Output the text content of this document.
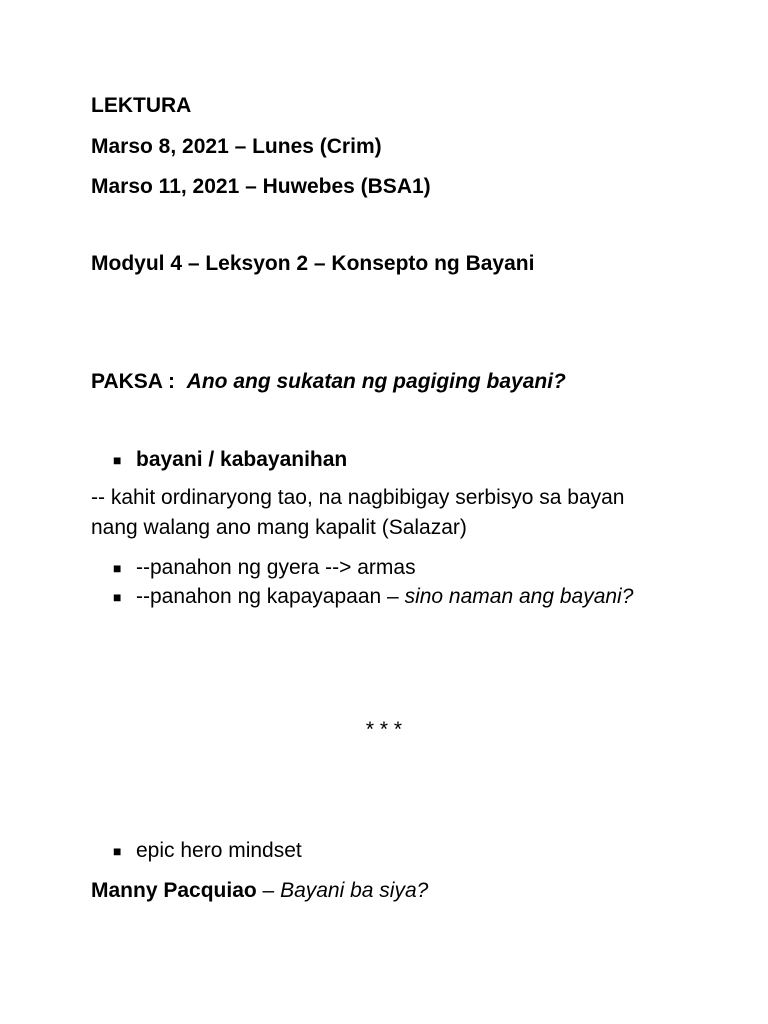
LEKTURA
Marso 8, 2021 – Lunes (Crim)
Marso 11, 2021 – Huwebes (BSA1)
Modyul 4 – Leksyon 2 – Konsepto ng Bayani
PAKSA : Ano ang sukatan ng pagiging bayani?
■ bayani / kabayanihan
-- kahit ordinaryong tao, na nagbibigay serbisyo sa bayan
nang walang ano mang kapalit (Salazar)
■ --panahon ng gyera --> armas
■ --panahon ng kapayapaan – sino naman ang bayani?
* * *
■ epic hero mindset
Manny Pacquiao – Bayani ba siya?
